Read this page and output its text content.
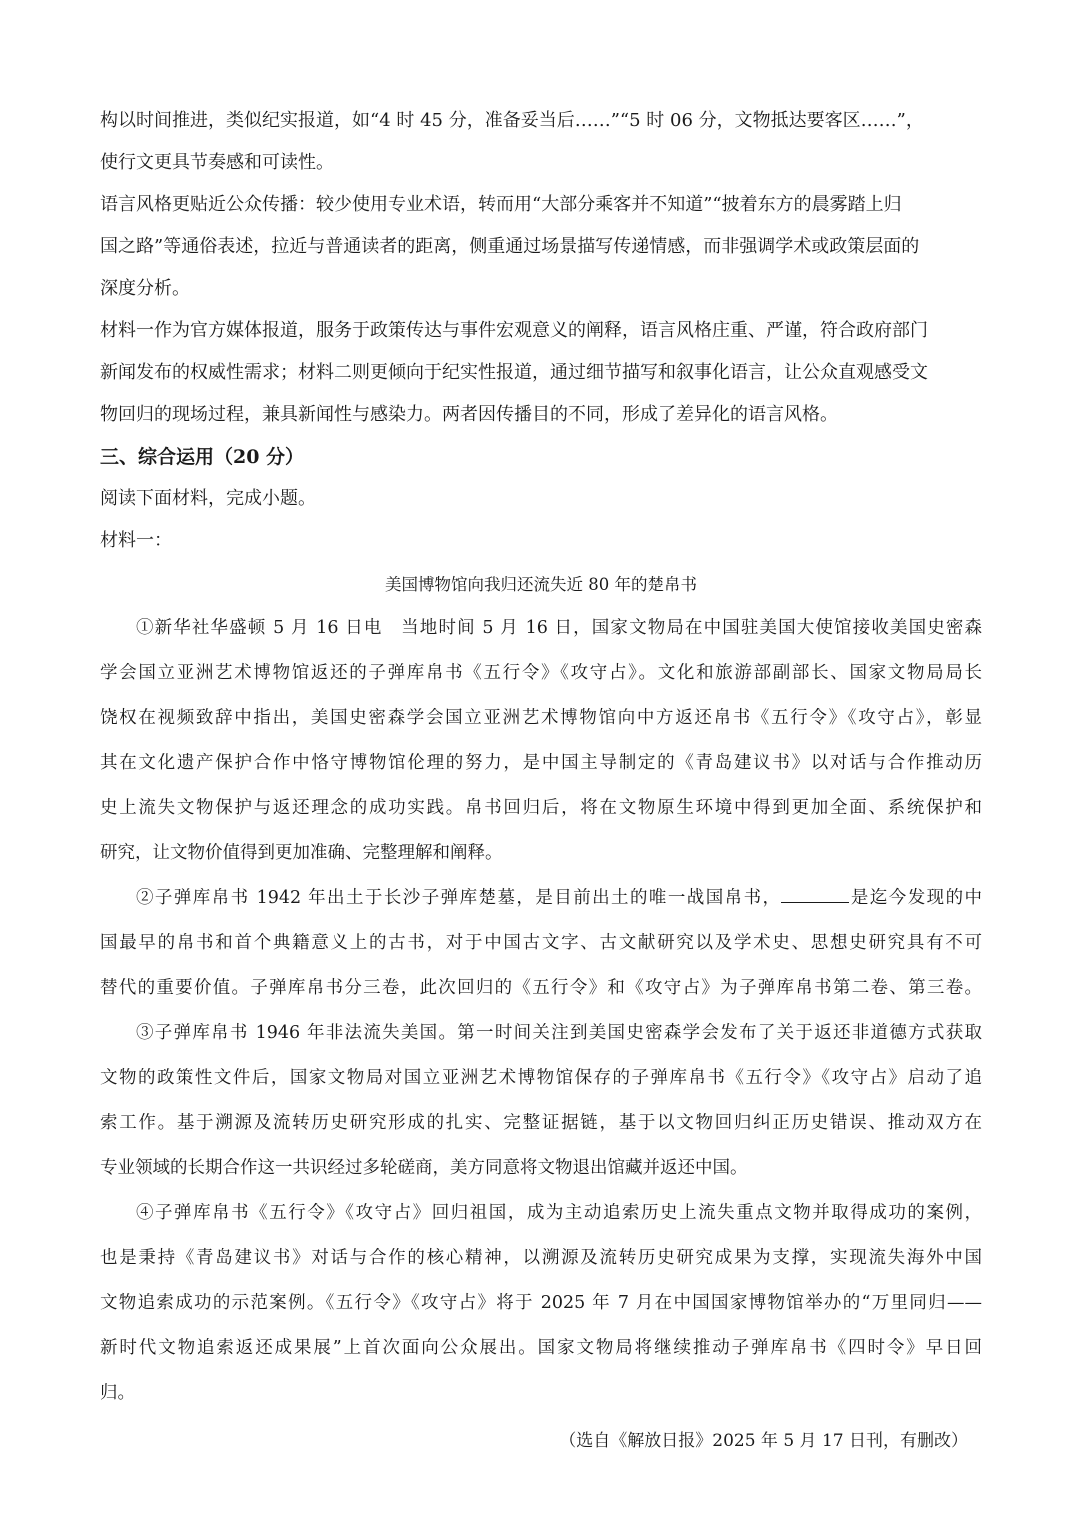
构以时间推进，类似纪实报道，如“4 时 45 分，准备妥当后……”“5 时 06 分，文物抵达要客区……”，
使行文更具节奏感和可读性。
语言风格更贴近公众传播：较少使用专业术语，转而用“大部分乘客并不知道”“披着东方的晨雾踏上归
国之路”等通俗表述，拉近与普通读者的距离，侧重通过场景描写传递情感，而非强调学术或政策层面的
深度分析。
材料一作为官方媒体报道，服务于政策传达与事件宏观意义的阐释，语言风格庄重、严谨，符合政府部门
新闻发布的权威性需求；材料二则更倾向于纪实性报道，通过细节描写和叙事化语言，让公众直观感受文
物回归的现场过程，兼具新闻性与感染力。两者因传播目的不同，形成了差异化的语言风格。
三、综合运用（20 分）
阅读下面材料，完成小题。
材料一：
美国博物馆向我归还流失近 80 年的楚帛书
①新华社华盛顿 5 月 16 日电　当地时间 5 月 16 日，国家文物局在中国驻美国大使馆接收美国史密森
学会国立亚洲艺术博物馆返还的子弹库帛书《五行令》《攻守占》。文化和旅游部副部长、国家文物局局长
饶权在视频致辞中指出，美国史密森学会国立亚洲艺术博物馆向中方返还帛书《五行令》《攻守占》，彰显
其在文化遗产保护合作中恪守博物馆伦理的努力，是中国主导制定的《青岛建议书》以对话与合作推动历
史上流失文物保护与返还理念的成功实践。帛书回归后，将在文物原生环境中得到更加全面、系统保护和
研究，让文物价值得到更加准确、完整理解和阐释。
②子弹库帛书 1942 年出土于长沙子弹库楚墓，是目前出土的唯一战国帛书，	是迄今发现的中
国最早的帛书和首个典籍意义上的古书，对于中国古文字、古文献研究以及学术史、思想史研究具有不可
替代的重要价值。子弹库帛书分三卷，此次回归的《五行令》和《攻守占》为子弹库帛书第二卷、第三卷。
③子弹库帛书 1946 年非法流失美国。第一时间关注到美国史密森学会发布了关于返还非道德方式获取
文物的政策性文件后，国家文物局对国立亚洲艺术博物馆保存的子弹库帛书《五行令》《攻守占》启动了追
索工作。基于溯源及流转历史研究形成的扎实、完整证据链，基于以文物回归纠正历史错误、推动双方在
专业领域的长期合作这一共识经过多轮磋商，美方同意将文物退出馆藏并返还中国。
④子弹库帛书《五行令》《攻守占》回归祖国，成为主动追索历史上流失重点文物并取得成功的案例，
也是秉持《青岛建议书》对话与合作的核心精神，以溯源及流转历史研究成果为支撑，实现流失海外中国
文物追索成功的示范案例。《五行令》《攻守占》将于 2025 年 7 月在中国国家博物馆举办的“万里同归——
新时代文物追索返还成果展”上首次面向公众展出。国家文物局将继续推动子弹库帛书《四时令》早日回
归。
（选自《解放日报》2025 年 5 月 17 日刊，有删改）
